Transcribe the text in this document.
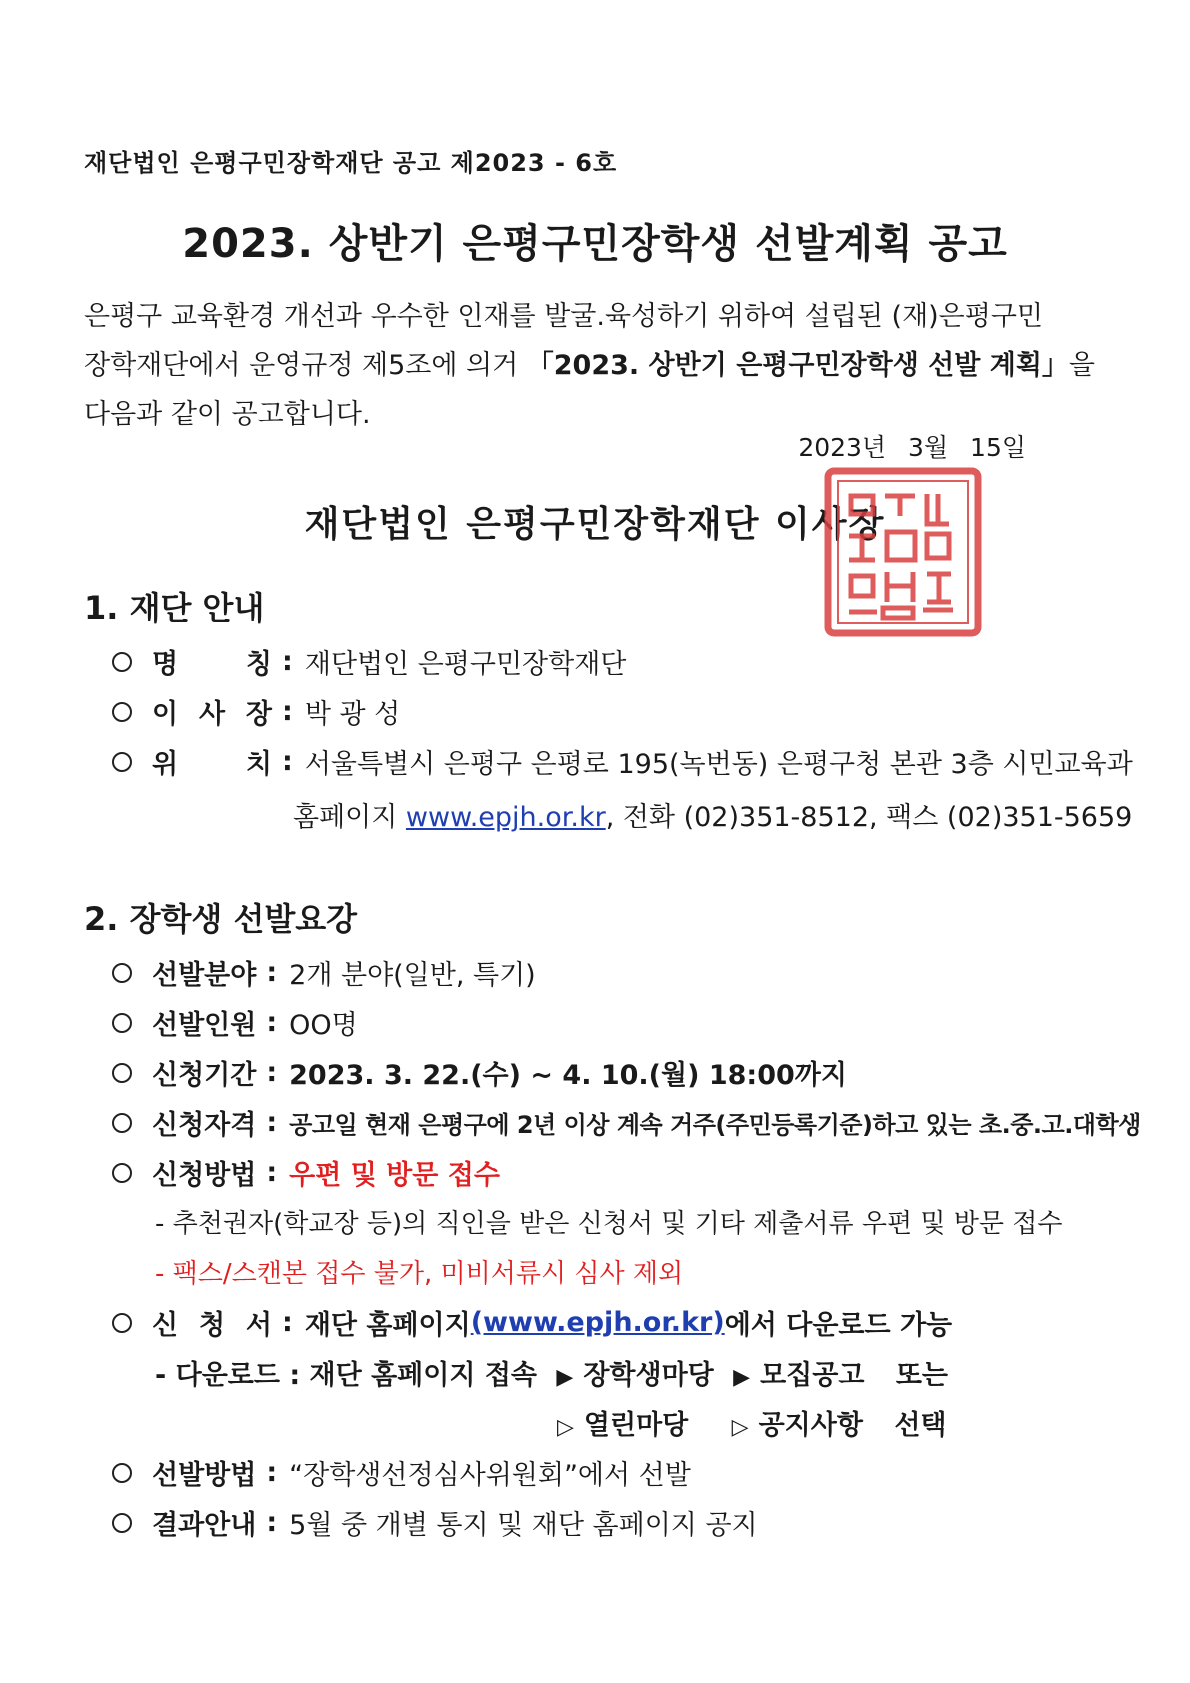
재단법인 은평구민장학재단 공고 제2023 - 6호
2023. 상반기 은평구민장학생 선발계획 공고
은평구 교육환경 개선과 우수한 인재를 발굴.육성하기 위하여 설립된 (재)은평구민
장학재단에서 운영규정 제5조에 의거 「2023. 상반기 은평구민장학생 선발 계획」을
다음과 같이 공고합니다.
2023년 3월 15일
재단법인 은평구민장학재단 이사장
1. 재단 안내
명	칭 : 재단법인 은평구민장학재단
이 사 장 : 박 광 성
위	치 : 서울특별시 은평구 은평로 195(녹번동) 은평구청 본관 3층 시민교육과
홈페이지 www.epjh.or.kr, 전화 (02)351-8512, 팩스 (02)351-5659
2. 장학생 선발요강
선발분야 : 2개 분야(일반, 특기)
선발인원 : OO명
신청기간 : 2023. 3. 22.(수) ~ 4. 10.(월) 18:00까지
신청자격 : 공고일 현재 은평구에 2년 이상 계속 거주(주민등록기준)하고 있는 초.중.고.대학생
신청방법 : 우편 및 방문 접수
- 추천권자(학교장 등)의 직인을 받은 신청서 및 기타 제출서류 우편 및 방문 접수
- 팩스/스캔본 접수 불가, 미비서류시 심사 제외
신 청 서 : 재단 홈페이지 (www.epjh.or.kr) 에서 다운로드 가능
- 다운로드 : 재단 홈페이지 접속 ▶ 장학생마당 ▶ 모집공고 또는
▷ 열린마당 ▷ 공지사항 선택
선발방법 : “장학생선정심사위원회”에서 선발
결과안내 : 5월 중 개별 통지 및 재단 홈페이지 공지
